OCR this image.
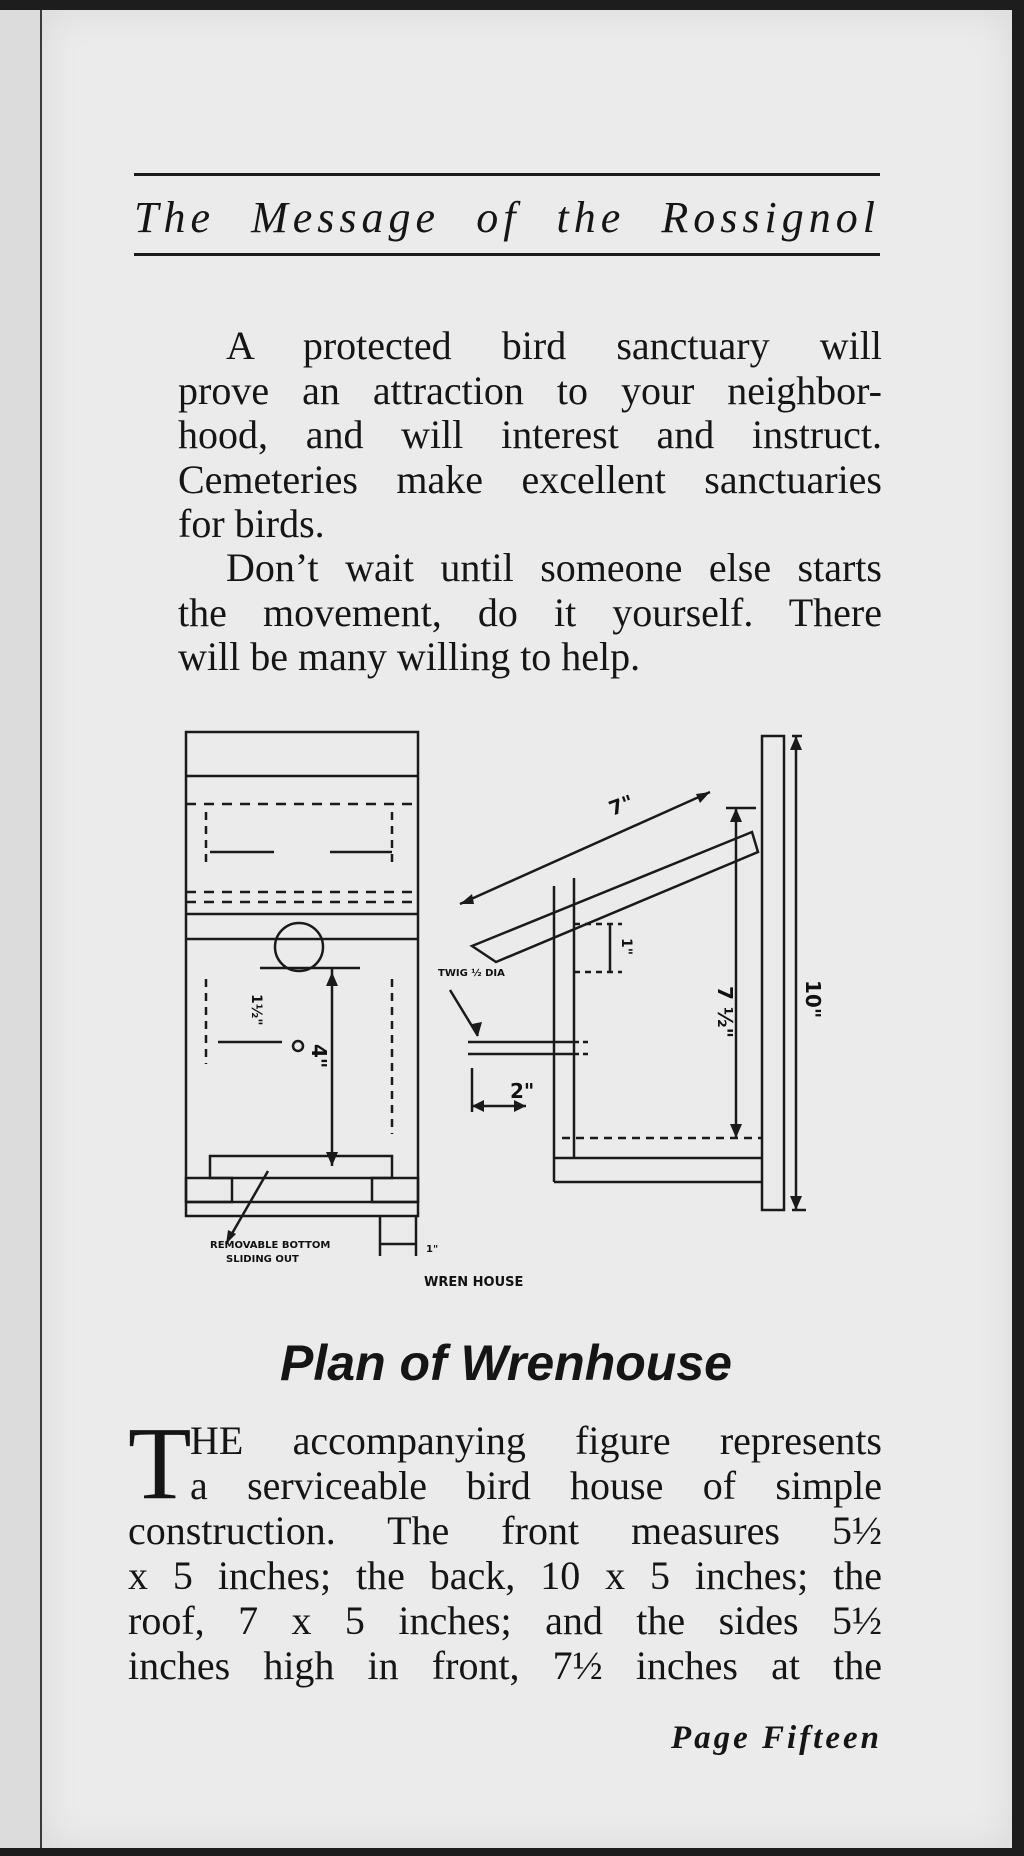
The Message of the Rossignol
A protected bird sanctuary will
prove an attraction to your neighbor-
hood, and will interest and instruct.
Cemeteries make excellent sanctuaries
for birds.
Don’t wait until someone else starts
the movement, do it yourself. There
will be many willing to help.
REMOVABLE BOTTOM
SLIDING OUT
1"
TWIG ½ DIA
WREN HOUSE
2"
7"
7 ½"	10"
1"
1½"
4"
Plan of Wrenhouse
T
HE accompanying figure represents
a serviceable bird house of simple
construction. The front measures 5½
x 5 inches; the back, 10 x 5 inches; the
roof, 7 x 5 inches; and the sides 5½
inches high in front, 7½ inches at the
Page Fifteen
